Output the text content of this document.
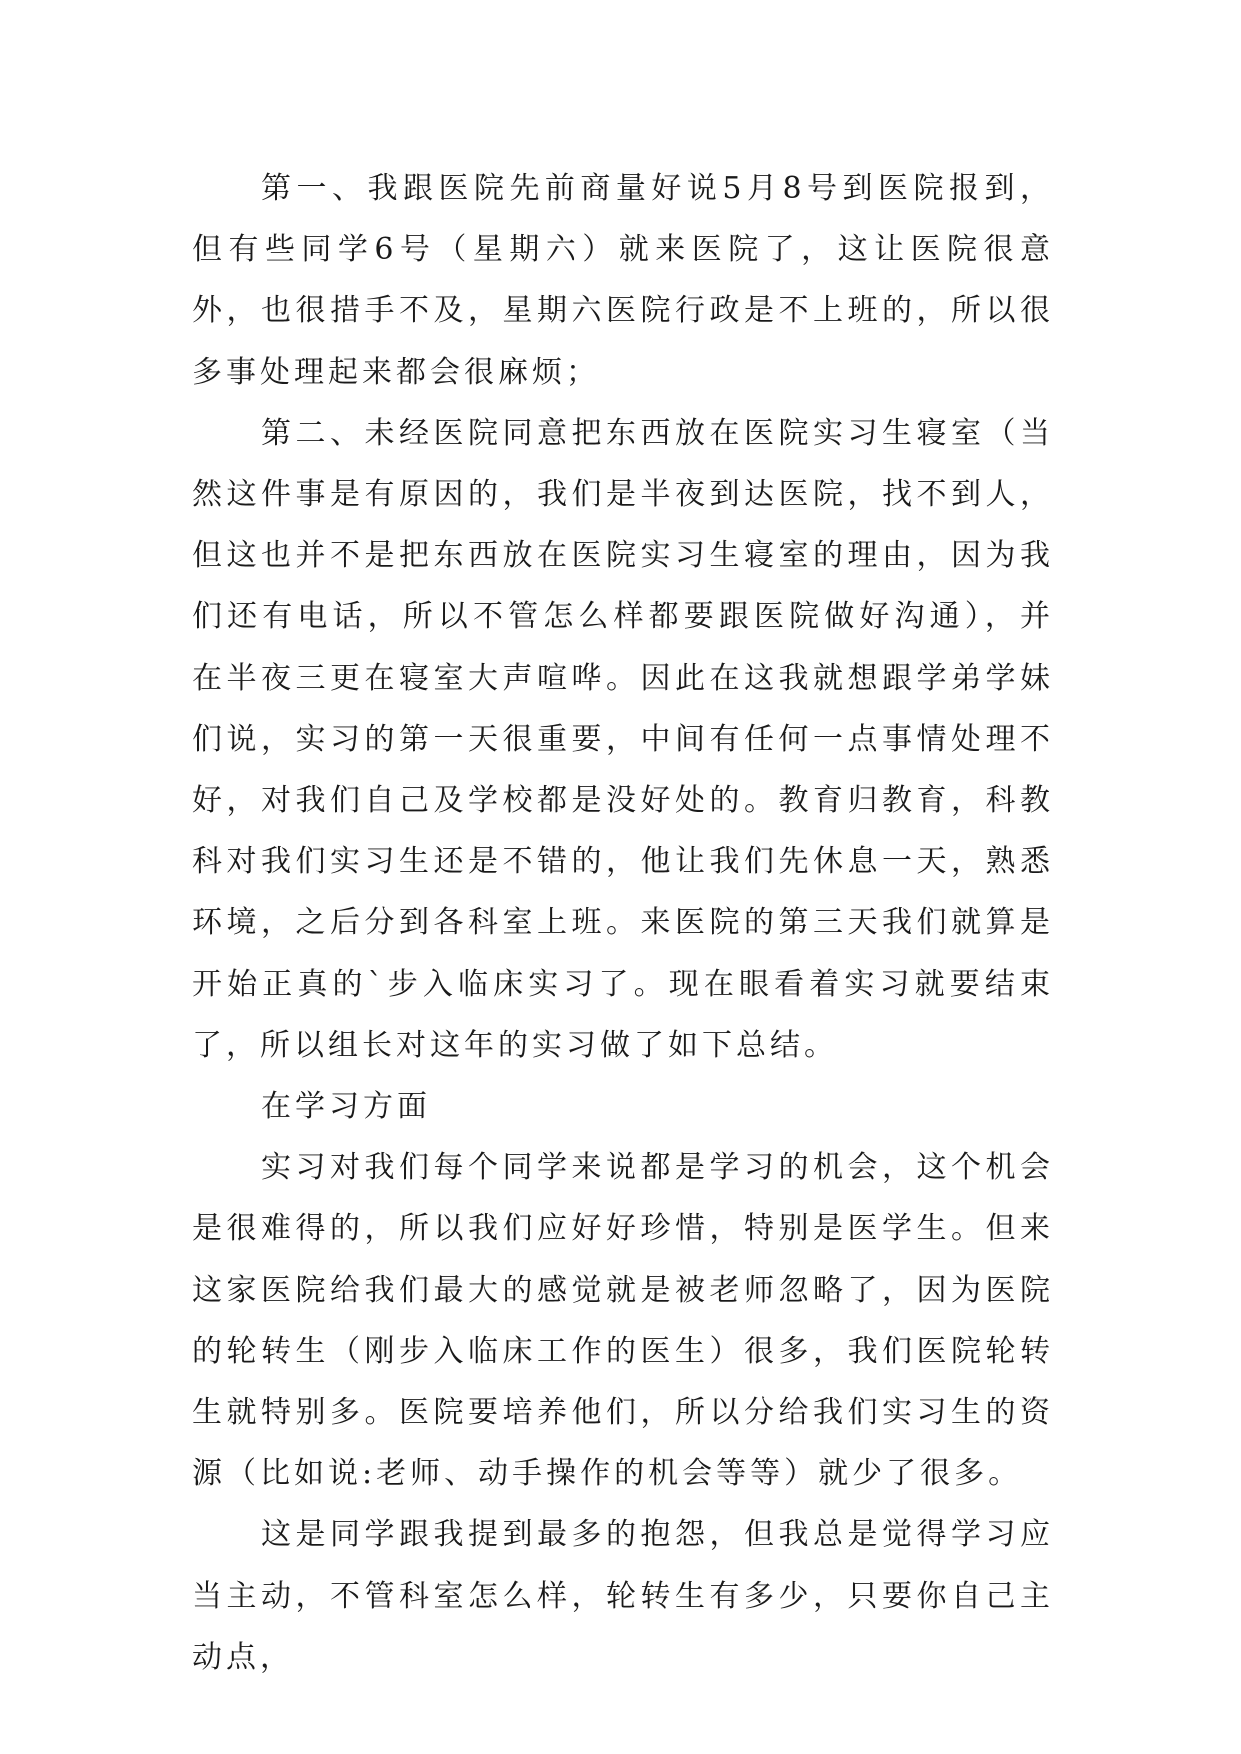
第一、我跟医院先前商量好说5月8号到医院报到，但有些同学6号（星期六）就来医院了，这让医院很意外，也很措手不及，星期六医院行政是不上班的，所以很多事处理起来都会很麻烦；

第二、未经医院同意把东西放在医院实习生寝室（当然这件事是有原因的，我们是半夜到达医院，找不到人，但这也并不是把东西放在医院实习生寝室的理由，因为我们还有电话，所以不管怎么样都要跟医院做好沟通），并在半夜三更在寝室大声喧哗。因此在这我就想跟学弟学妹们说，实习的第一天很重要，中间有任何一点事情处理不好，对我们自己及学校都是没好处的。教育归教育，科教科对我们实习生还是不错的，他让我们先休息一天，熟悉环境，之后分到各科室上班。来医院的第三天我们就算是开始正真的`步入临床实习了。现在眼看着实习就要结束了，所以组长对这年的实习做了如下总结。

在学习方面

实习对我们每个同学来说都是学习的机会，这个机会是很难得的，所以我们应好好珍惜，特别是医学生。但来这家医院给我们最大的感觉就是被老师忽略了，因为医院的轮转生（刚步入临床工作的医生）很多，我们医院轮转生就特别多。医院要培养他们，所以分给我们实习生的资源（比如说:老师、动手操作的机会等等）就少了很多。

这是同学跟我提到最多的抱怨，但我总是觉得学习应当主动，不管科室怎么样，轮转生有多少，只要你自己主动点，
